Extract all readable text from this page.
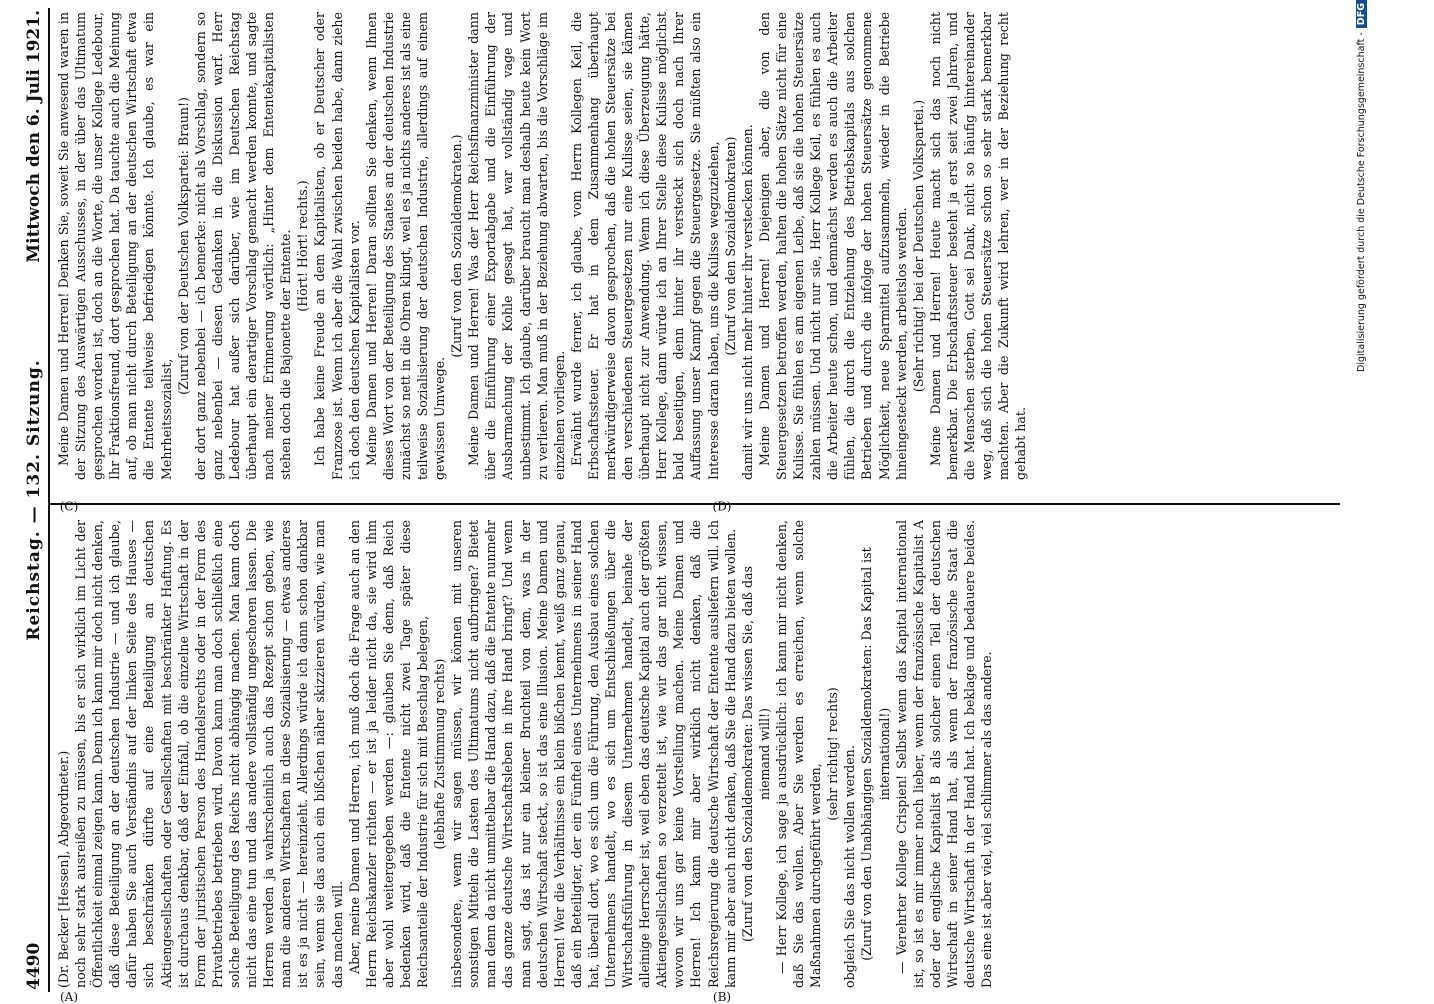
4490
Reichstag. — 132. Sitzung.
Mittwoch den 6. Juli 1921.
(A)	(B)
(C)	(D)

(Dr. Becker [Hessen], Abgeordneter.) noch sehr stark ausreißen zu müssen, bis er sich wirklich im Licht der Öffentlichkeit einmal zeigen kann. Denn ich kann mir doch nicht denken, daß diese Beteiligung an der deutschen Industrie — und ich glaube, dafür haben Sie auch Verständnis auf der linken Seite des Hauses — sich beschränken dürfte auf eine Beteiligung an deutschen Aktiengesellschaften oder Gesellschaften mit beschränkter Haftung. Es ist durchaus denkbar, daß der Einfall, ob die einzelne Wirtschaft in der Form der juristischen Person des Handelsrechts oder in der Form des Privatbetriebes betrieben wird. Davon kann man doch schließlich eine solche Beteiligung des Reichs nicht abhängig machen. Man kann doch nicht das eine tun und das andere vollständig ungeschoren lassen. Die Herren werden ja wahrscheinlich auch das Rezept schon geben, wie man die anderen Wirtschaften in diese Sozialisierung — etwas anderes ist es ja nicht — hereinzieht. Allerdings würde ich dann schon dankbar sein, wenn sie das auch ein bißchen näher skizzieren würden, wie man das machen will. Aber, meine Damen und Herren, ich muß doch die Frage auch an den Herrn Reichskanzler richten — er ist ja leider nicht da, sie wird ihm aber wohl weitergegeben werden —: glauben Sie denn, daß Reich bedenken wird, daß die Entente nicht zwei Tage später diese Reichsanteile der Industrie für sich mit Beschlag belegen, (lebhafte Zustimmung rechts) insbesondere, wenn wir sagen müssen, wir können mit unseren sonstigen Mitteln die Lasten des Ultimatums nicht aufbringen? Bietet man denn da nicht unmittelbar die Hand dazu, daß die Entente nunmehr das ganze deutsche Wirtschaftsleben in ihre Hand bringt? Und wenn man sagt, das ist nur ein kleiner Bruchteil von dem, was in der deutschen Wirtschaft steckt, so ist das eine Illusion. Meine Damen und Herren! Wer die Verhältnisse ein klein bißchen kennt, weiß ganz genau, daß ein Beteiligter, der ein Fünftel eines Unternehmens in seiner Hand hat, überall dort, wo es sich um die Führung, den Ausbau eines solchen Unternehmens handelt, wo es sich um Entschließungen über die Wirtschaftsführung in diesem Unternehmen handelt, beinahe der alleinige Herrscher ist, weil eben das deutsche Kapital auch der größten Aktiengesellschaften so verzettelt ist, wie wir das gar nicht wissen, wovon wir uns gar keine Vorstellung machen. Meine Damen und Herren! Ich kann mir aber wirklich nicht denken, daß die Reichsregierung die deutsche Wirtschaft der Entente ausliefern will. Ich kann mir aber auch nicht denken, daß Sie die Hand dazu bieten wollen. (Zuruf von den Sozialdemokraten: Das wissen Sie, daß das niemand will!) — Herr Kollege, ich sage ja ausdrücklich: ich kann mir nicht denken, daß Sie das wollen. Aber Sie werden es erreichen, wenn solche Maßnahmen durchgeführt werden,

(sehr richtig! rechts) obgleich Sie das nicht wollen werden. (Zuruf von den Unabhängigen Sozialdemokraten: Das Kapital ist international!) — Verehrter Kollege Crispien! Selbst wenn das Kapital international ist, so ist es mir immer noch lieber, wenn der französische Kapitalist A oder der englische Kapitalist B als solcher einen Teil der deutschen Wirtschaft in seiner Hand hat, als wenn der französische Staat die deutsche Wirtschaft in der Hand hat. Ich beklage und bedauere beides. Das eine ist aber viel, viel schlimmer als das andere.

Meine Damen und Herren! Denken Sie, soweit Sie anwesend waren in der Sitzung des Auswärtigen Ausschusses, in der über das Ultimatum gesprochen worden ist, doch an die Worte, die unser Kollege Ledebour, Ihr Fraktionsfreund, dort gesprochen hat. Da tauchte auch die Meinung auf, ob man nicht durch Beteiligung an der deutschen Wirtschaft etwa die Entente teilweise befriedigen könnte. Ich glaube, es war ein Mehrheitssozialist,

(Zuruf von der Deutschen Volkspartei: Braun!) der dort ganz nebenbei — ich bemerke: nicht als Vorschlag, sondern so ganz nebenbei — diesen Gedanken in die Diskussion warf. Herr Ledebour hat außer sich darüber, wie im Deutschen Reichstag überhaupt ein derartiger Vorschlag gemacht werden konnte, und sagte nach meiner Erinnerung wörtlich: „Hinter dem Ententekapitalisten stehen doch die Bajonette der Entente. (Hört! Hört! rechts.) Ich habe keine Freude an dem Kapitalisten, ob er Deutscher oder Franzose ist. Wenn ich aber die Wahl zwischen beiden habe, dann ziehe ich doch den deutschen Kapitalisten vor. Meine Damen und Herren! Daran sollten Sie denken, wenn Ihnen dieses Wort von der Beteiligung des Staates an der deutschen Industrie zunächst so nett in die Ohren klingt, weil es ja nichts anderes ist als eine teilweise Sozialisierung der deutschen Industrie, allerdings auf einem gewissen Umwege.

(Zuruf von den Sozialdemokraten.) Meine Damen und Herren! Was der Herr Reichsfinanzminister dann über die Einführung einer Exportabgabe und die Einführung der Ausbarmachung der Kohle gesagt hat, war vollständig vage und unbestimmt. Ich glaube, darüber braucht man deshalb heute kein Wort zu verlieren. Man muß in der Beziehung abwarten, bis die Vorschläge im einzelnen vorliegen. Erwähnt wurde ferner, ich glaube, vom Herrn Kollegen Keil, die Erbschaftssteuer. Er hat in dem Zusammenhang überhaupt merkwürdigerweise davon gesprochen, daß die hohen Steuersätze bei den verschiedenen Steuergesetzen nur eine Kulisse seien, sie kämen überhaupt nicht zur Anwendung. Wenn ich diese Überzeugung hätte, Herr Kollege, dann würde ich an Ihrer Stelle diese Kulisse möglichst bald beseitigen, denn hinter ihr versteckt sich doch nach Ihrer Auffassung unser Kampf gegen die Steuergesetze. Sie müßten also ein Interesse daran haben, uns die Kulisse wegzuziehen, (Zuruf von den Sozialdemokraten) damit wir uns nicht mehr hinter ihr verstecken können. Meine Damen und Herren! Diejenigen aber, die von den Steuergesetzen betroffen werden, halten die hohen Sätze nicht für eine Kulisse. Sie fühlen es am eigenen Leibe, daß sie die hohen Steuersätze zahlen müssen. Und nicht nur sie, Herr Kollege Keil, es fühlen es auch die Arbeiter heute schon, und demnächst werden es auch die Arbeiter fühlen, die durch die Entziehung des Betriebskapitals aus solchen Betrieben und durch die infolge der hohen Steuersätze genommene Möglichkeit, neue Sparmittel aufzusammeln, wieder in die Betriebe hineingesteckt werden, arbeitslos werden. (Sehr richtig! bei der Deutschen Volkspartei.) Meine Damen und Herren! Heute macht sich das noch nicht bemerkbar. Die Erbschaftssteuer besteht ja erst seit zwei Jahren, und die Menschen sterben, Gott sei Dank, nicht so häufig hintereinander weg, daß sich die hohen Steuersätze schon so sehr stark bemerkbar machten. Aber die Zukunft wird lehren, wer in der Beziehung recht gehabt hat.

Digitalisierung gefördert durch die Deutsche Forschungsgemeinschaft -DFG
